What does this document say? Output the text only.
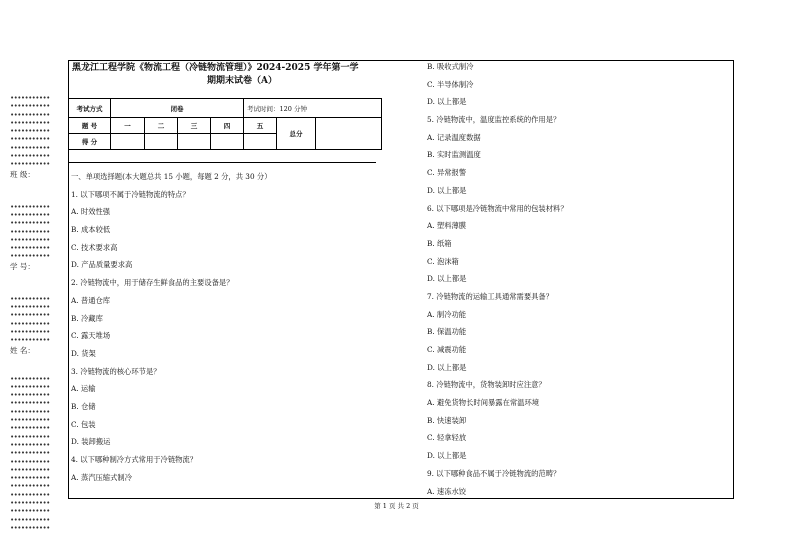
•••••••••••
•••••••••••
•••••••••••
•••••••••••
•••••••••••
•••••••••••
•••••••••••
•••••••••••
•••••••••••
班 级：
•••••••••••
•••••••••••
•••••••••••
•••••••••••
•••••••••••
•••••••••••
•••••••••••
学 号：
•••••••••••
•••••••••••
•••••••••••
•••••••••••
•••••••••••
•••••••••••
姓 名：
•••••••••••
•••••••••••
•••••••••••
•••••••••••
•••••••••••
•••••••••••
•••••••••••
•••••••••••
•••••••••••
•••••••••••
•••••••••••
•••••••••••
•••••••••••
•••••••••••
•••••••••••
•••••••••••
•••••••••••
•••••••••••
•••••••••••
黑龙江工程学院《物流工程（冷链物流管理）》2024-2025 学年第一学
期期末试卷（A）
考试方式	闭卷				考试时间：120 分钟		
题 号	一	二	三	四	五	总分	
得 分							
一、单项选择题(本大题总共 15 小题，每题 2 分，共 30 分）
1. 以下哪项不属于冷链物流的特点？
A. 时效性强
B. 成本较低
C. 技术要求高
D. 产品质量要求高
2. 冷链物流中，用于储存生鲜食品的主要设备是？
A. 普通仓库
B. 冷藏库
C. 露天堆场
D. 货架
3. 冷链物流的核心环节是？
A. 运输
B. 仓储
C. 包装
D. 装卸搬运
4. 以下哪种制冷方式常用于冷链物流？
A. 蒸汽压缩式制冷
B. 吸收式制冷
C. 半导体制冷
D. 以上都是
5. 冷链物流中，温度监控系统的作用是？
A. 记录温度数据
B. 实时监测温度
C. 异常报警
D. 以上都是
6. 以下哪项是冷链物流中常用的包装材料？
A. 塑料薄膜
B. 纸箱
C. 泡沫箱
D. 以上都是
7. 冷链物流的运输工具通常需要具备？
A. 制冷功能
B. 保温功能
C. 减震功能
D. 以上都是
8. 冷链物流中，货物装卸时应注意？
A. 避免货物长时间暴露在常温环境
B. 快速装卸
C. 轻拿轻放
D. 以上都是
9. 以下哪种食品不属于冷链物流的范畴？
A. 速冻水饺
第 1 页 共 2 页
